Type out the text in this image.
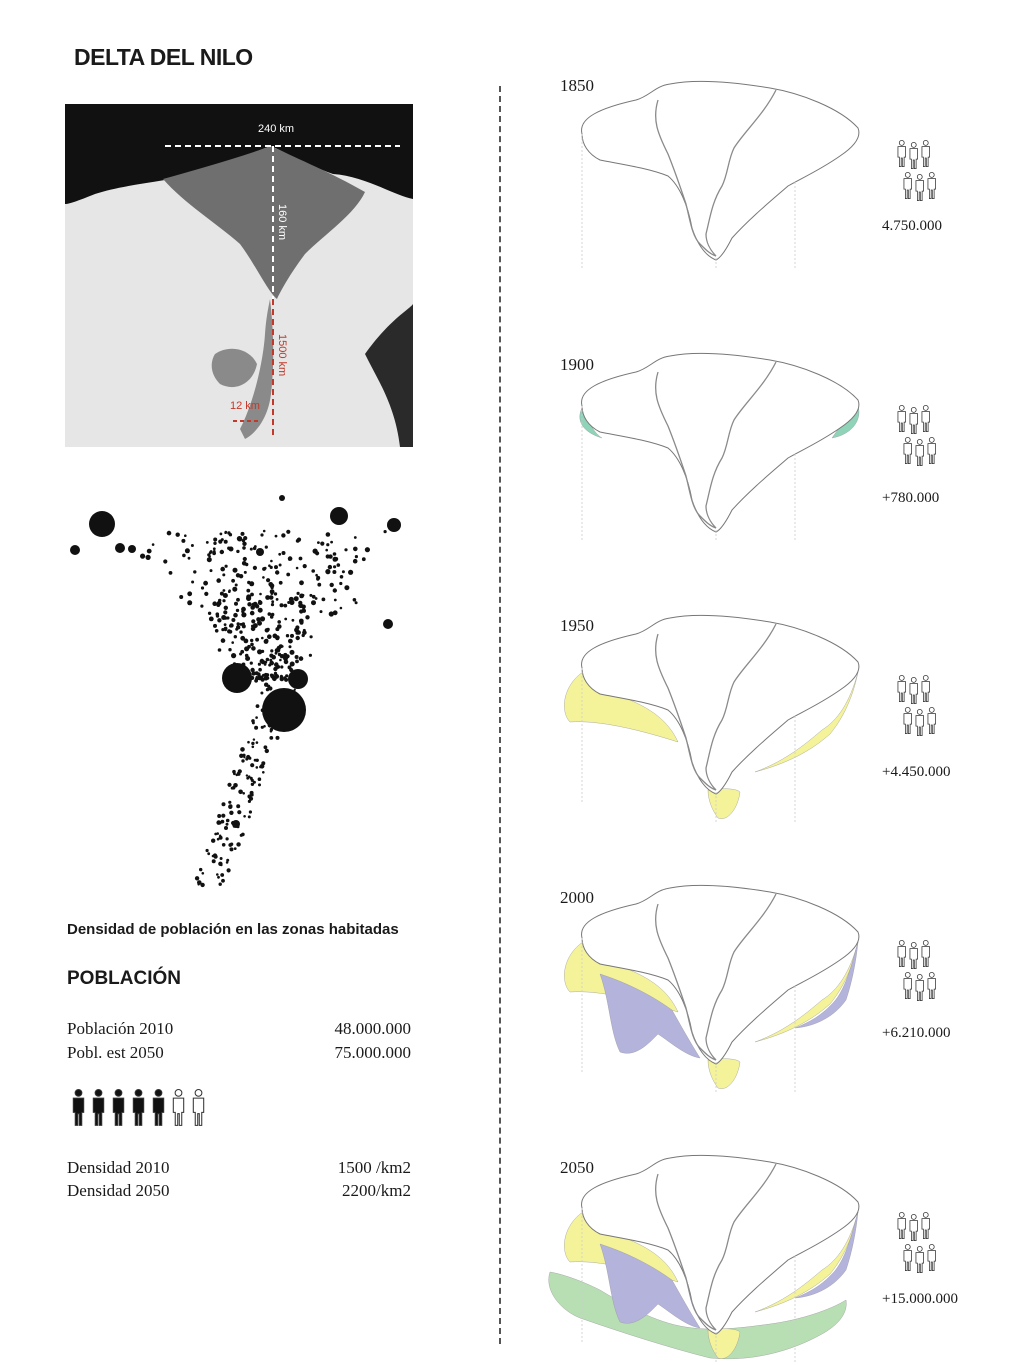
DELTA DEL NILO
240 km
160 km
1500 km
12 km
Densidad de población en las zonas habitadas
POBLACIÓN
Población 2010	48.000.000
Pobl. est 2050	75.000.000
Densidad 2010	1500 /km2
Densidad 2050	2200/km2
1850
1900
1950
2000
2050
4.750.000
+780.000
+4.450.000
+6.210.000
+15.000.000
